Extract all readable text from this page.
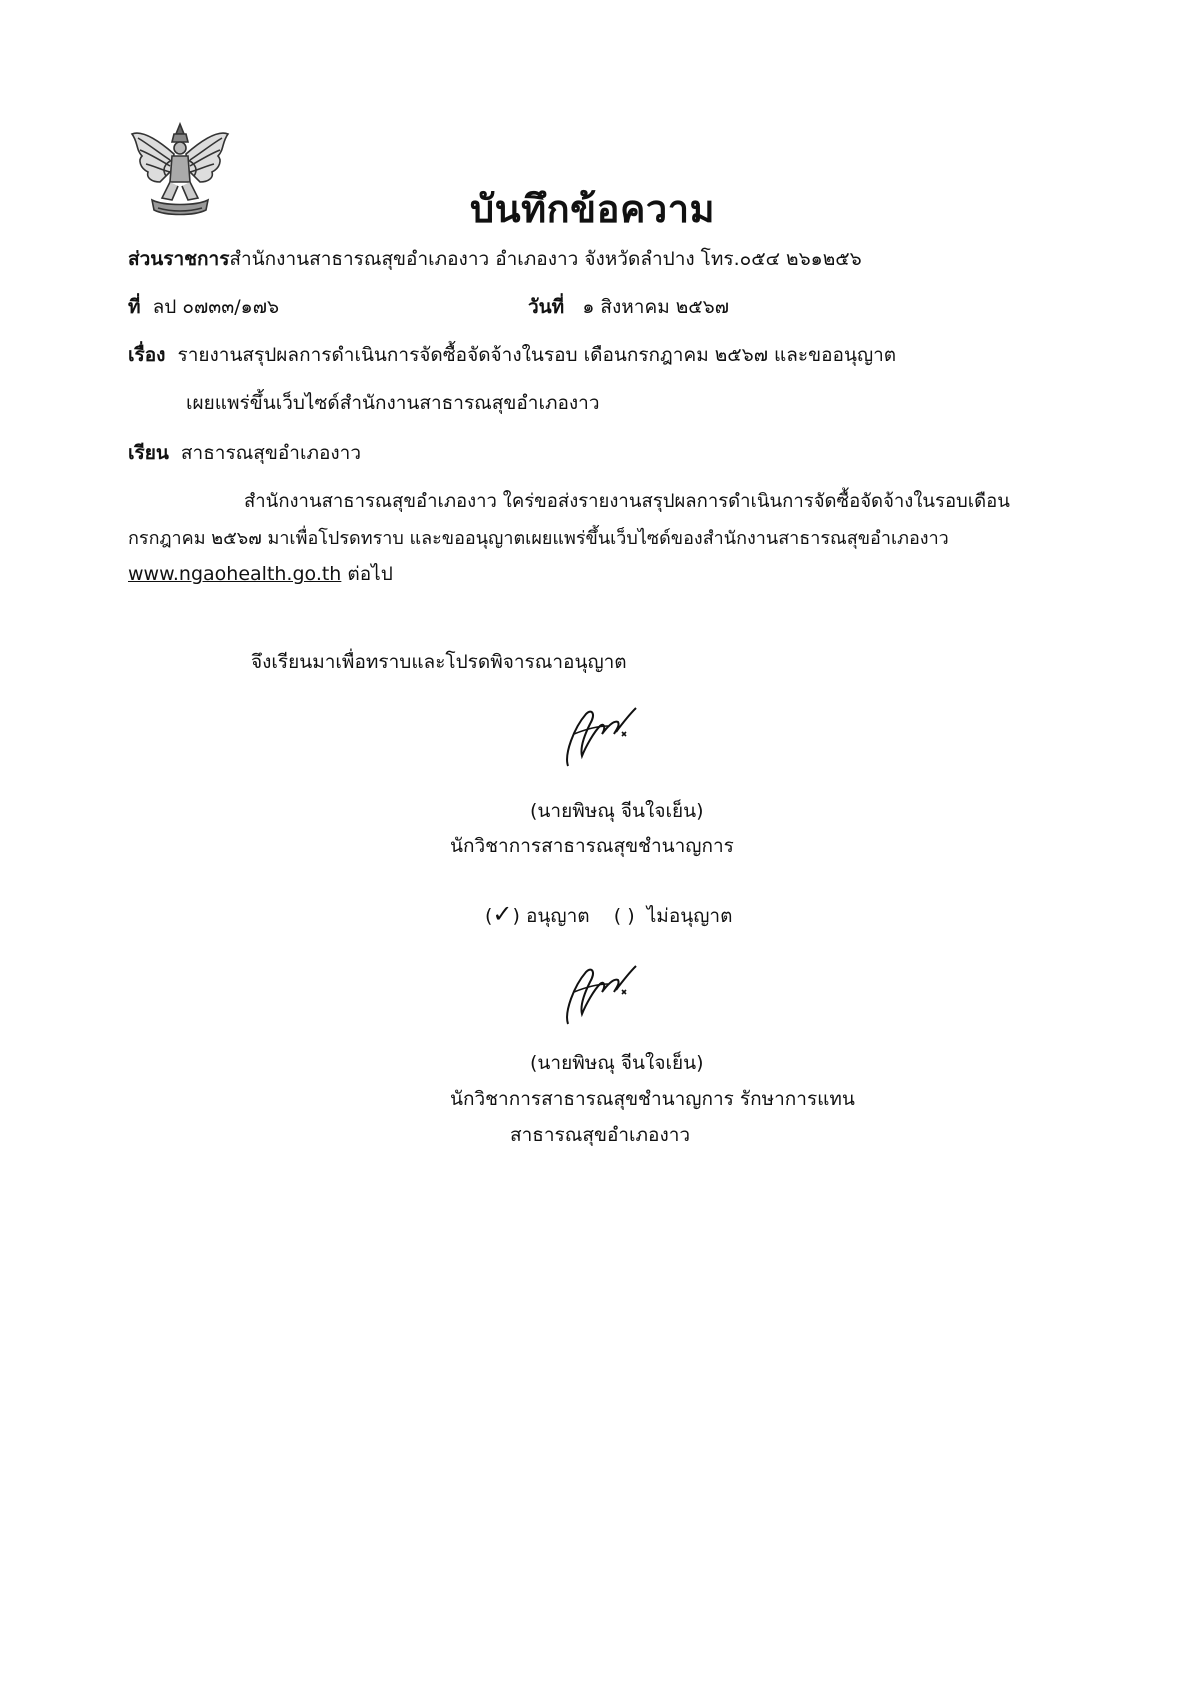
บันทึกข้อความ
ส่วนราชการสำนักงานสาธารณสุขอำเภองาว อำเภองาว จังหวัดลำปาง โทร.๐๕๔ ๒๖๑๒๕๖
ที่ ลป ๐๗๓๓/๑๗๖	วันที่ ๑ สิงหาคม ๒๕๖๗
เรื่อง รายงานสรุปผลการดำเนินการจัดซื้อจัดจ้างในรอบ เดือนกรกฎาคม ๒๕๖๗ และขออนุญาต
เผยแพร่ขึ้นเว็บไซด์สำนักงานสาธารณสุขอำเภองาว
เรียน สาธารณสุขอำเภองาว
สำนักงานสาธารณสุขอำเภองาว ใคร่ขอส่งรายงานสรุปผลการดำเนินการจัดซื้อจัดจ้างในรอบเดือน
กรกฎาคม ๒๕๖๗ มาเพื่อโปรดทราบ และขออนุญาตเผยแพร่ขึ้นเว็บไซด์ของสำนักงานสาธารณสุขอำเภองาว
www.ngaohealth.go.th ต่อไป
จึงเรียนมาเพื่อทราบและโปรดพิจารณาอนุญาต
(นายพิษณุ จีนใจเย็น)
นักวิชาการสาธารณสุขชำนาญการ
(✓) อนุญาต ( ) ไม่อนุญาต
(นายพิษณุ จีนใจเย็น)
นักวิชาการสาธารณสุขชำนาญการ รักษาการแทน
สาธารณสุขอำเภองาว
